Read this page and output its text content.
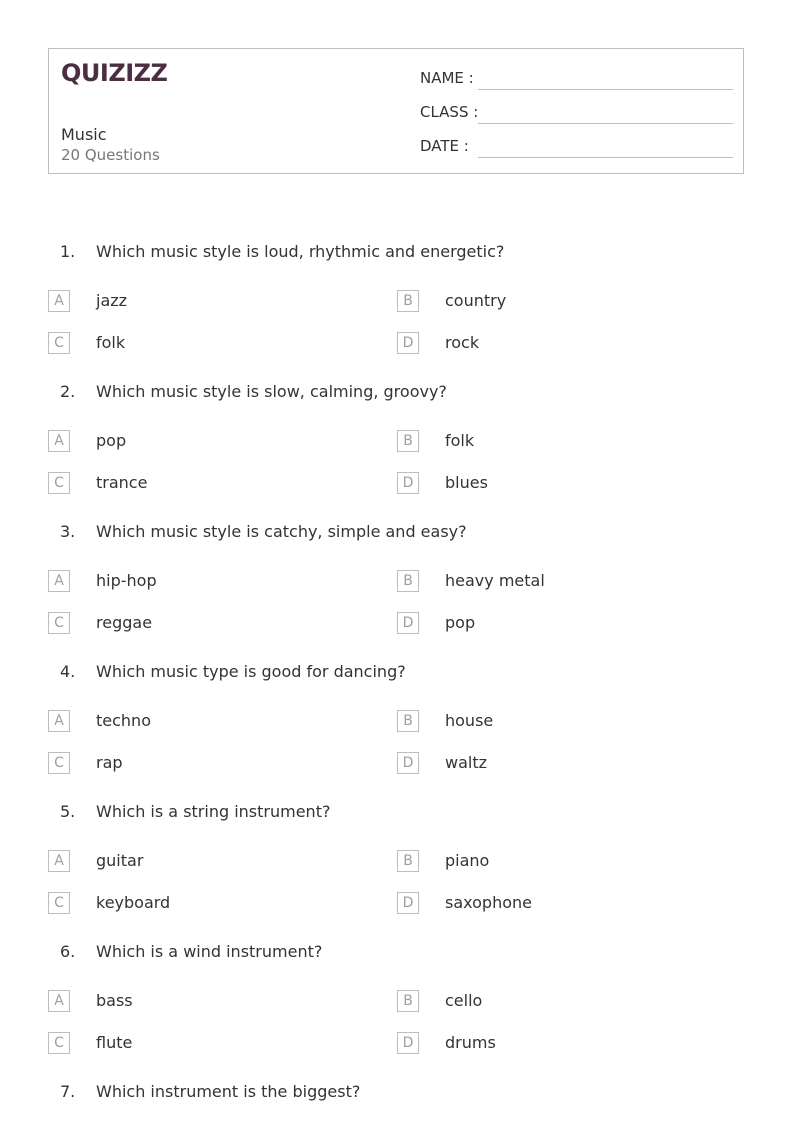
QUIZIZZ
Music
20 Questions
NAME :
CLASS :
DATE :
1. Which music style is loud, rhythmic and energetic?
A	jazz	B	country
C	folk	D	rock
2. Which music style is slow, calming, groovy?
A	pop	B	folk
C	trance	D	blues
3. Which music style is catchy, simple and easy?
A	hip-hop	B	heavy metal
C	reggae	D	pop
4. Which music type is good for dancing?
A	techno	B	house
C	rap	D	waltz
5. Which is a string instrument?
A	guitar	B	piano
C	keyboard	D	saxophone
6. Which is a wind instrument?
A	bass	B	cello
C	flute	D	drums
7. Which instrument is the biggest?
